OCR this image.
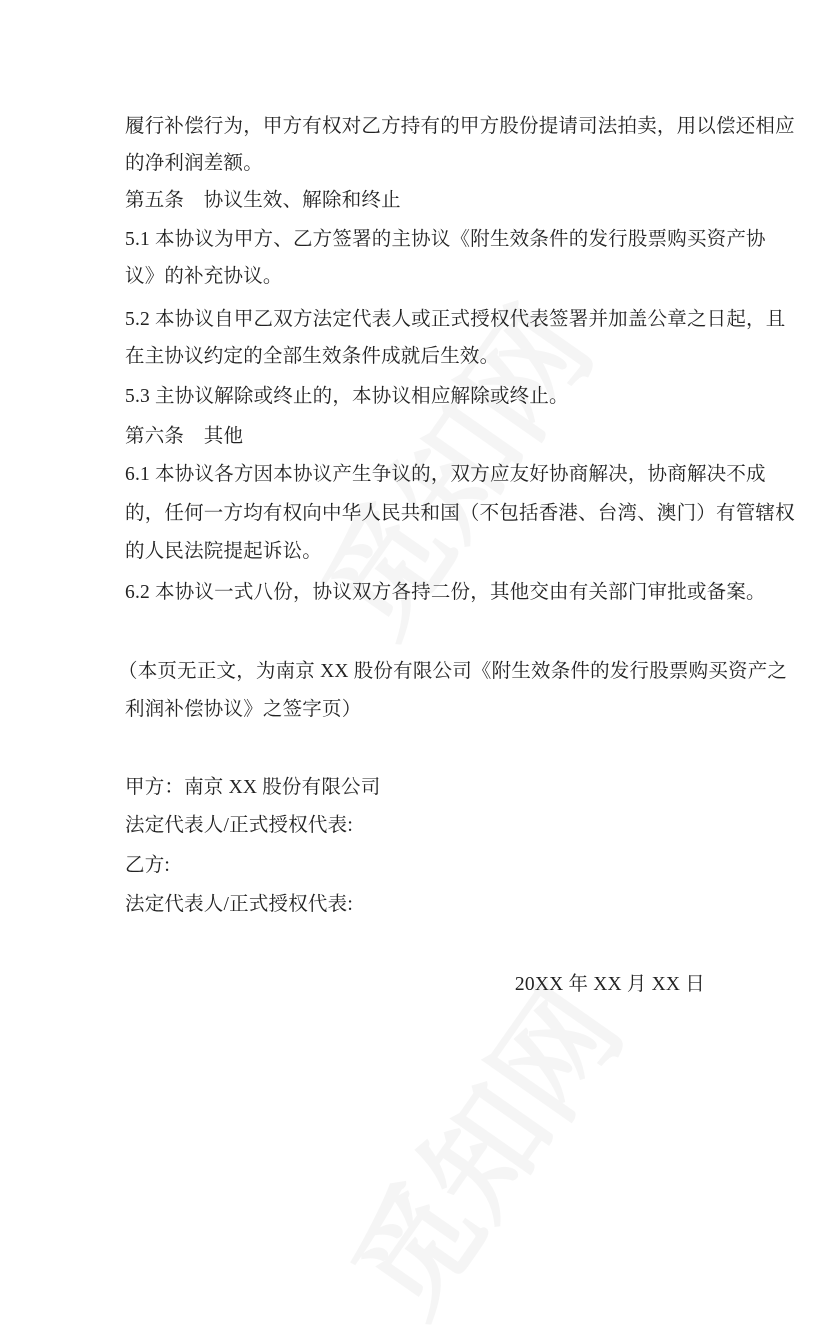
履行补偿行为，甲方有权对乙方持有的甲方股份提请司法拍卖，用以偿还相应
的净利润差额。
第五条　协议生效、解除和终止
5.1 本协议为甲方、乙方签署的主协议《附生效条件的发行股票购买资产协
议》的补充协议。
5.2 本协议自甲乙双方法定代表人或正式授权代表签署并加盖公章之日起，且
在主协议约定的全部生效条件成就后生效。
5.3 主协议解除或终止的，本协议相应解除或终止。
第六条　其他
6.1 本协议各方因本协议产生争议的，双方应友好协商解决，协商解决不成
的，任何一方均有权向中华人民共和国（不包括香港、台湾、澳门）有管辖权
的人民法院提起诉讼。
6.2 本协议一式八份，协议双方各持二份，其他交由有关部门审批或备案。
（本页无正文，为南京 XX 股份有限公司《附生效条件的发行股票购买资产之
利润补偿协议》之签字页）
甲方：南京 XX 股份有限公司
法定代表人/正式授权代表:
乙方:
法定代表人/正式授权代表:
20XX 年 XX 月 XX 日
